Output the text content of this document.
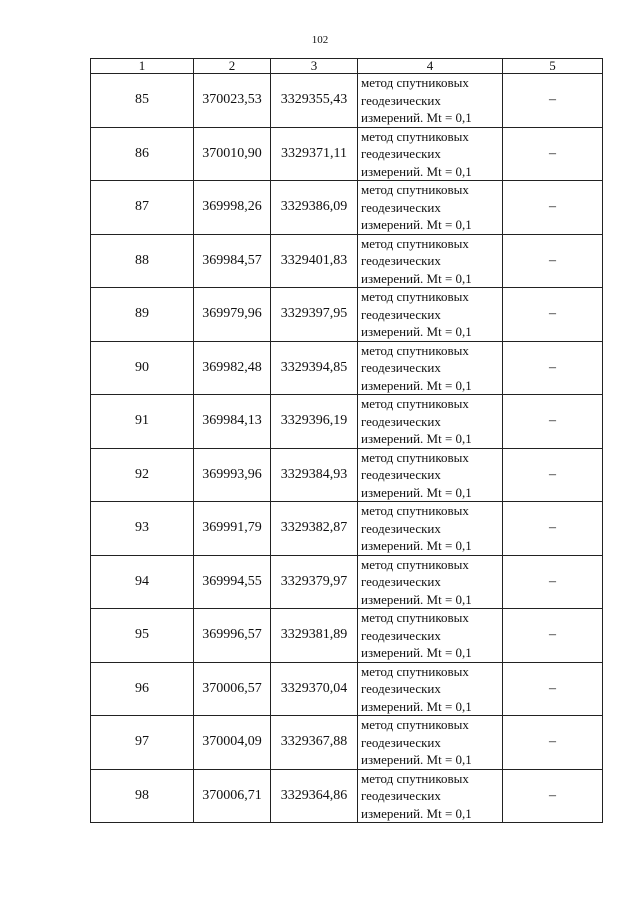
102
1	2	3	4	5
85	370023,53	3329355,43	метод спутниковых
геодезических
измерений. Mt = 0,1	–
86	370010,90	3329371,11	метод спутниковых
геодезических
измерений. Mt = 0,1	–
87	369998,26	3329386,09	метод спутниковых
геодезических
измерений. Mt = 0,1	–
88	369984,57	3329401,83	метод спутниковых
геодезических
измерений. Mt = 0,1	–
89	369979,96	3329397,95	метод спутниковых
геодезических
измерений. Mt = 0,1	–
90	369982,48	3329394,85	метод спутниковых
геодезических
измерений. Mt = 0,1	–
91	369984,13	3329396,19	метод спутниковых
геодезических
измерений. Mt = 0,1	–
92	369993,96	3329384,93	метод спутниковых
геодезических
измерений. Mt = 0,1	–
93	369991,79	3329382,87	метод спутниковых
геодезических
измерений. Mt = 0,1	–
94	369994,55	3329379,97	метод спутниковых
геодезических
измерений. Mt = 0,1	–
95	369996,57	3329381,89	метод спутниковых
геодезических
измерений. Mt = 0,1	–
96	370006,57	3329370,04	метод спутниковых
геодезических
измерений. Mt = 0,1	–
97	370004,09	3329367,88	метод спутниковых
геодезических
измерений. Mt = 0,1	–
98	370006,71	3329364,86	метод спутниковых
геодезических
измерений. Mt = 0,1	–
